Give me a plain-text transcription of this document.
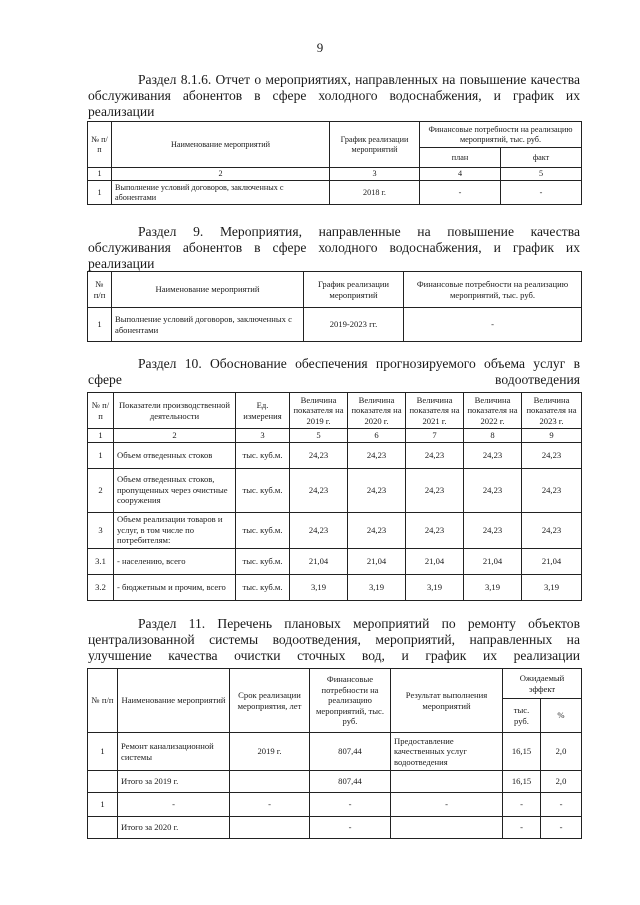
9
Раздел 8.1.6. Отчет о мероприятиях, направленных на повышение качества обслуживания абонентов в сфере холодного водоснабжения, и график их реализации
№ п/п	Наименование мероприятий	График реализации мероприятий	Финансовые потребности на реализацию мероприятий, тыс. руб.	
			план	факт
1	2	3	4	5
1	Выполнение условий договоров, заключенных с абонентами	2018 г.	-	-
Раздел 9. Мероприятия, направленные на повышение качества обслуживания абонентов в сфере холодного водоснабжения, и график их реализации
№ п/п	Наименование мероприятий	График реализации мероприятий	Финансовые потребности на реализацию мероприятий, тыс. руб.
1	Выполнение условий договоров, заключенных с абонентами	2019-2023 гг.	-
Раздел 10. Обоснование обеспечения прогнозируемого объема услуг в сфере водоотведения
№ п/п	Показатели производственной деятельности	Ед. измерения	Величина показателя на 2019 г.	Величина показателя на 2020 г.	Величина показателя на 2021 г.	Величина показателя на 2022 г.	Величина показателя на 2023 г.
1	2	3	5	6	7	8	9
1	Объем отведенных стоков	тыс. куб.м.	24,23	24,23	24,23	24,23	24,23
2	Объем отведенных стоков, пропущенных через очистные сооружения	тыс. куб.м.	24,23	24,23	24,23	24,23	24,23
3	Объем реализации товаров и услуг, в том числе по потребителям:	тыс. куб.м.	24,23	24,23	24,23	24,23	24,23
3.1	- населению, всего	тыс. куб.м.	21,04	21,04	21,04	21,04	21,04
3.2	- бюджетным и прочим, всего	тыс. куб.м.	3,19	3,19	3,19	3,19	3,19
Раздел 11. Перечень плановых мероприятий по ремонту объектов централизованной системы водоотведения, мероприятий, направленных на улучшение качества очистки сточных вод, и график их реализации
№ п/п	Наименование мероприятий	Срок реализации мероприятия, лет	Финансовые потребности на реализацию мероприятий, тыс. руб.	Результат выполнения мероприятий	Ожидаемый эффект	
					тыс. руб.	%
1	Ремонт канализационной системы	2019 г.	807,44	Предоставление качественных услуг водоотведения	16,15	2,0
	Итого за 2019 г.		807,44		16,15	2,0
1	-	-	-	-	-	-
	Итого за 2020 г.		-		-	-
